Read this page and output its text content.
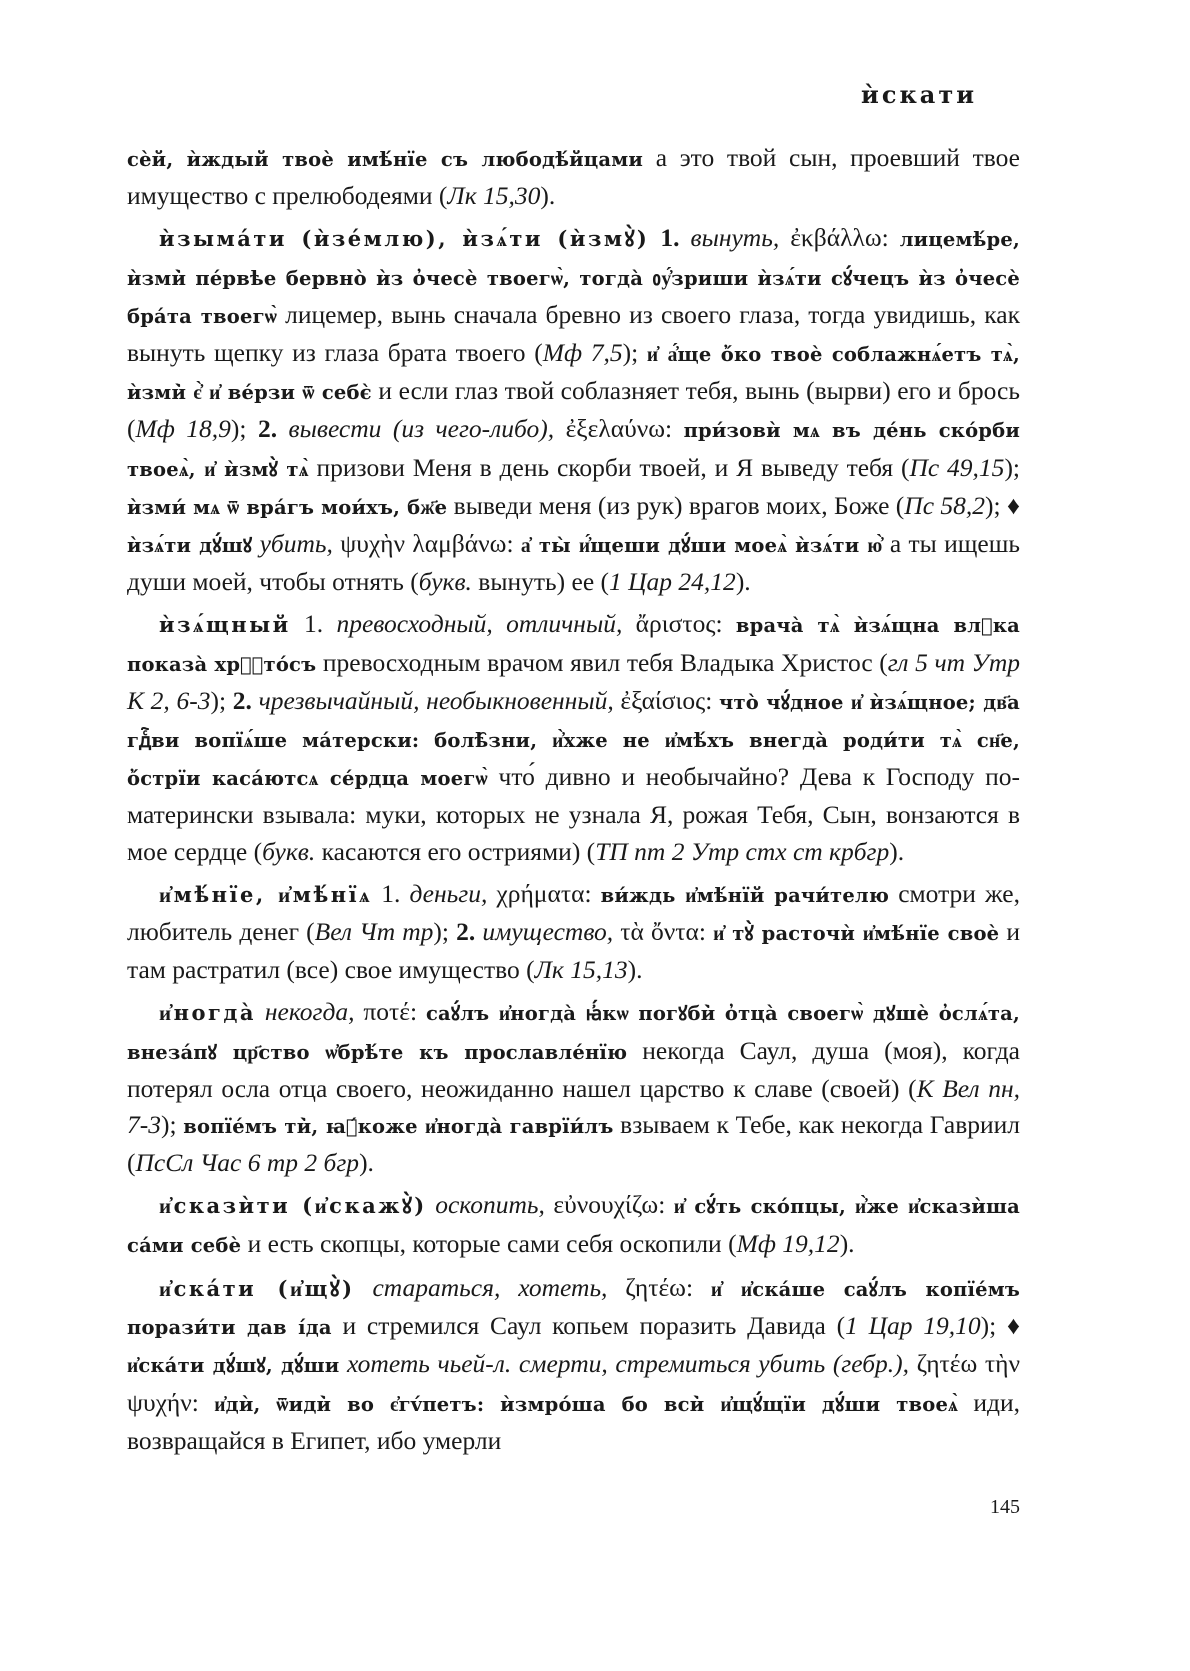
ѝскати

сѐй, ѝждый твоѐ имѣ́нїе съ любодѣ́йцами а это твой сын, проевший твое имущество с прелюбодеями (Лк 15,30).

ѝзыма́ти (ѝзе́млю), ѝзѧ́ти (ѝзмꙋ̀) 1. вынуть, ἐκβάλλω: лицемѣ́ре, ѝзми̇̀ пе́рвѣе бервнò ѝз ὀчесѐ твоегѡ̀, тогда̀ ᲂу҆́зриши ѝзѧ́ти сꙋ́чецъ ѝз ὀчесѐ бра́та твоегѡ̀ лицемер, вынь сначала бревно из своего глаза, тогда увидишь, как вынуть щепку из глаза брата твоего (Мф 7,5); и҆ а҆́ще ὄко твоѐ соблажнѧ́етъ тѧ̀, ѝзми̇̀ є҆̀ и҆ ве́рзи ѿ себє̀ и если глаз твой соблазняет тебя, вынь (вырви) его и брось (Мф 18,9); 2. вывести (из чего-либо), ἐξελαύνω: при́зовѝ мѧ въ де́нь ско́рби твоеѧ̀, и҆ ѝзмꙋ̀ тѧ̀ призови Меня в день скорби твоей, и Я выведу тебя (Пс 49,15); ѝзми́ мѧ ѿ вра́гъ мои́хъ, бж҃е выведи меня (из рук) врагов моих, Боже (Пс 58,2); ♦ ѝзѧ́ти дꙋ́шꙋ убить, ψυχὴν λαμβάνω: а҆ ты̀ и҆́щеши дꙋ́ши моеѧ̀ ѝзѧ́ти ю҆̀ а ты ищешь души моей, чтобы отнять (букв. вынуть) ее (1 Цар 24,12).

ѝзѧ́щный 1. превосходный, отличный, ἄριστος: врача̀ тѧ̀ ѝзѧ́щна влⷣка показа̀ хрⷭ҇то́съ превосходным врачом явил тебя Владыка Христос (гл 5 чт Утр К 2, 6-3); 2. чрезвычайный, необыкновенный, ἐξαίσιος: что̀ чꙋ́дное и҆ ѝзѧ́щное; дв҃а гдⷭ҇ви вопїѧ́ше ма́терски: болѣ̑зни, и҆̀хже не и҆мѣ́хъ внегда̀ роди́ти тѧ̀ сн҃е, ὄстрїи каса́ютсѧ се́рдца моегѡ̀ что́ дивно и необычайно? Дева к Господу по-матерински взывала: муки, которых не узнала Я, рожая Тебя, Сын, вонзаются в мое сердце (букв. касаются его остриями) (ТП пт 2 Утр стх ст крбгр).

и҆мѣ́нїе, и҆мѣ́нїѧ 1. деньги, χρήματα: ви́ждь и҆мѣ́нїй рачи́телю смотри же, любитель денег (Вел Чт тр); 2. имущество, τὰ ὄντα: и҆ тꙋ̀ расточѝ и҆мѣ́нїе своѐ и там растратил (все) свое имущество (Лк 15,13).

и҆ногда̀ некогда, ποτέ: саꙋ́лъ и҆ногда̀ ꙗ҆́кѡ погꙋби̇̀ ὀтца̀ своегѡ̀ дꙋшѐ ὀслѧ́та, внеза́пꙋ цр҃ство ѡ҆брѣ́те къ прославле́нїю некогда Саул, душа (моя), когда потерял осла отца своего, неожиданно нашел царство к славе (своей) (К Вел пн, 7-3); вопїе́мъ ти̇̀, ꙗ҆́коже и҆ногда̀ гаврїи́лъ взываем к Тебе, как некогда Гавриил (ПсСл Час 6 тр 2 бгр).

и҆сказѝти (и҆скажꙋ̀) оскопить, εὐνουχίζω: и҆ сꙋ́ть ско́пцы, и҆̀же и҆сказѝша са́ми себѐ и есть скопцы, которые сами себя оскопили (Мф 19,12).

и҆ска́ти (и҆щꙋ̀) стараться, хотеть, ζητέω: и҆ и҆ска́ше саꙋ́лъ копїе́мъ порази́ти дав і́да и стремился Саул копьем поразить Давида (1 Цар 19,10); ♦ и҆ска́ти дꙋ́шꙋ, дꙋ́ши хотеть чьей-л. смерти, стремиться убить (гебр.), ζητέω τὴν ψυχήν: и҆дѝ, ѿиди̇̀ во є҆гv́петъ: ѝзмро́ша бо вси̇̀ и҆щꙋ́щїи дꙋ́ши твоеѧ̀ иди, возвращайся в Египет, ибо умерли

145
